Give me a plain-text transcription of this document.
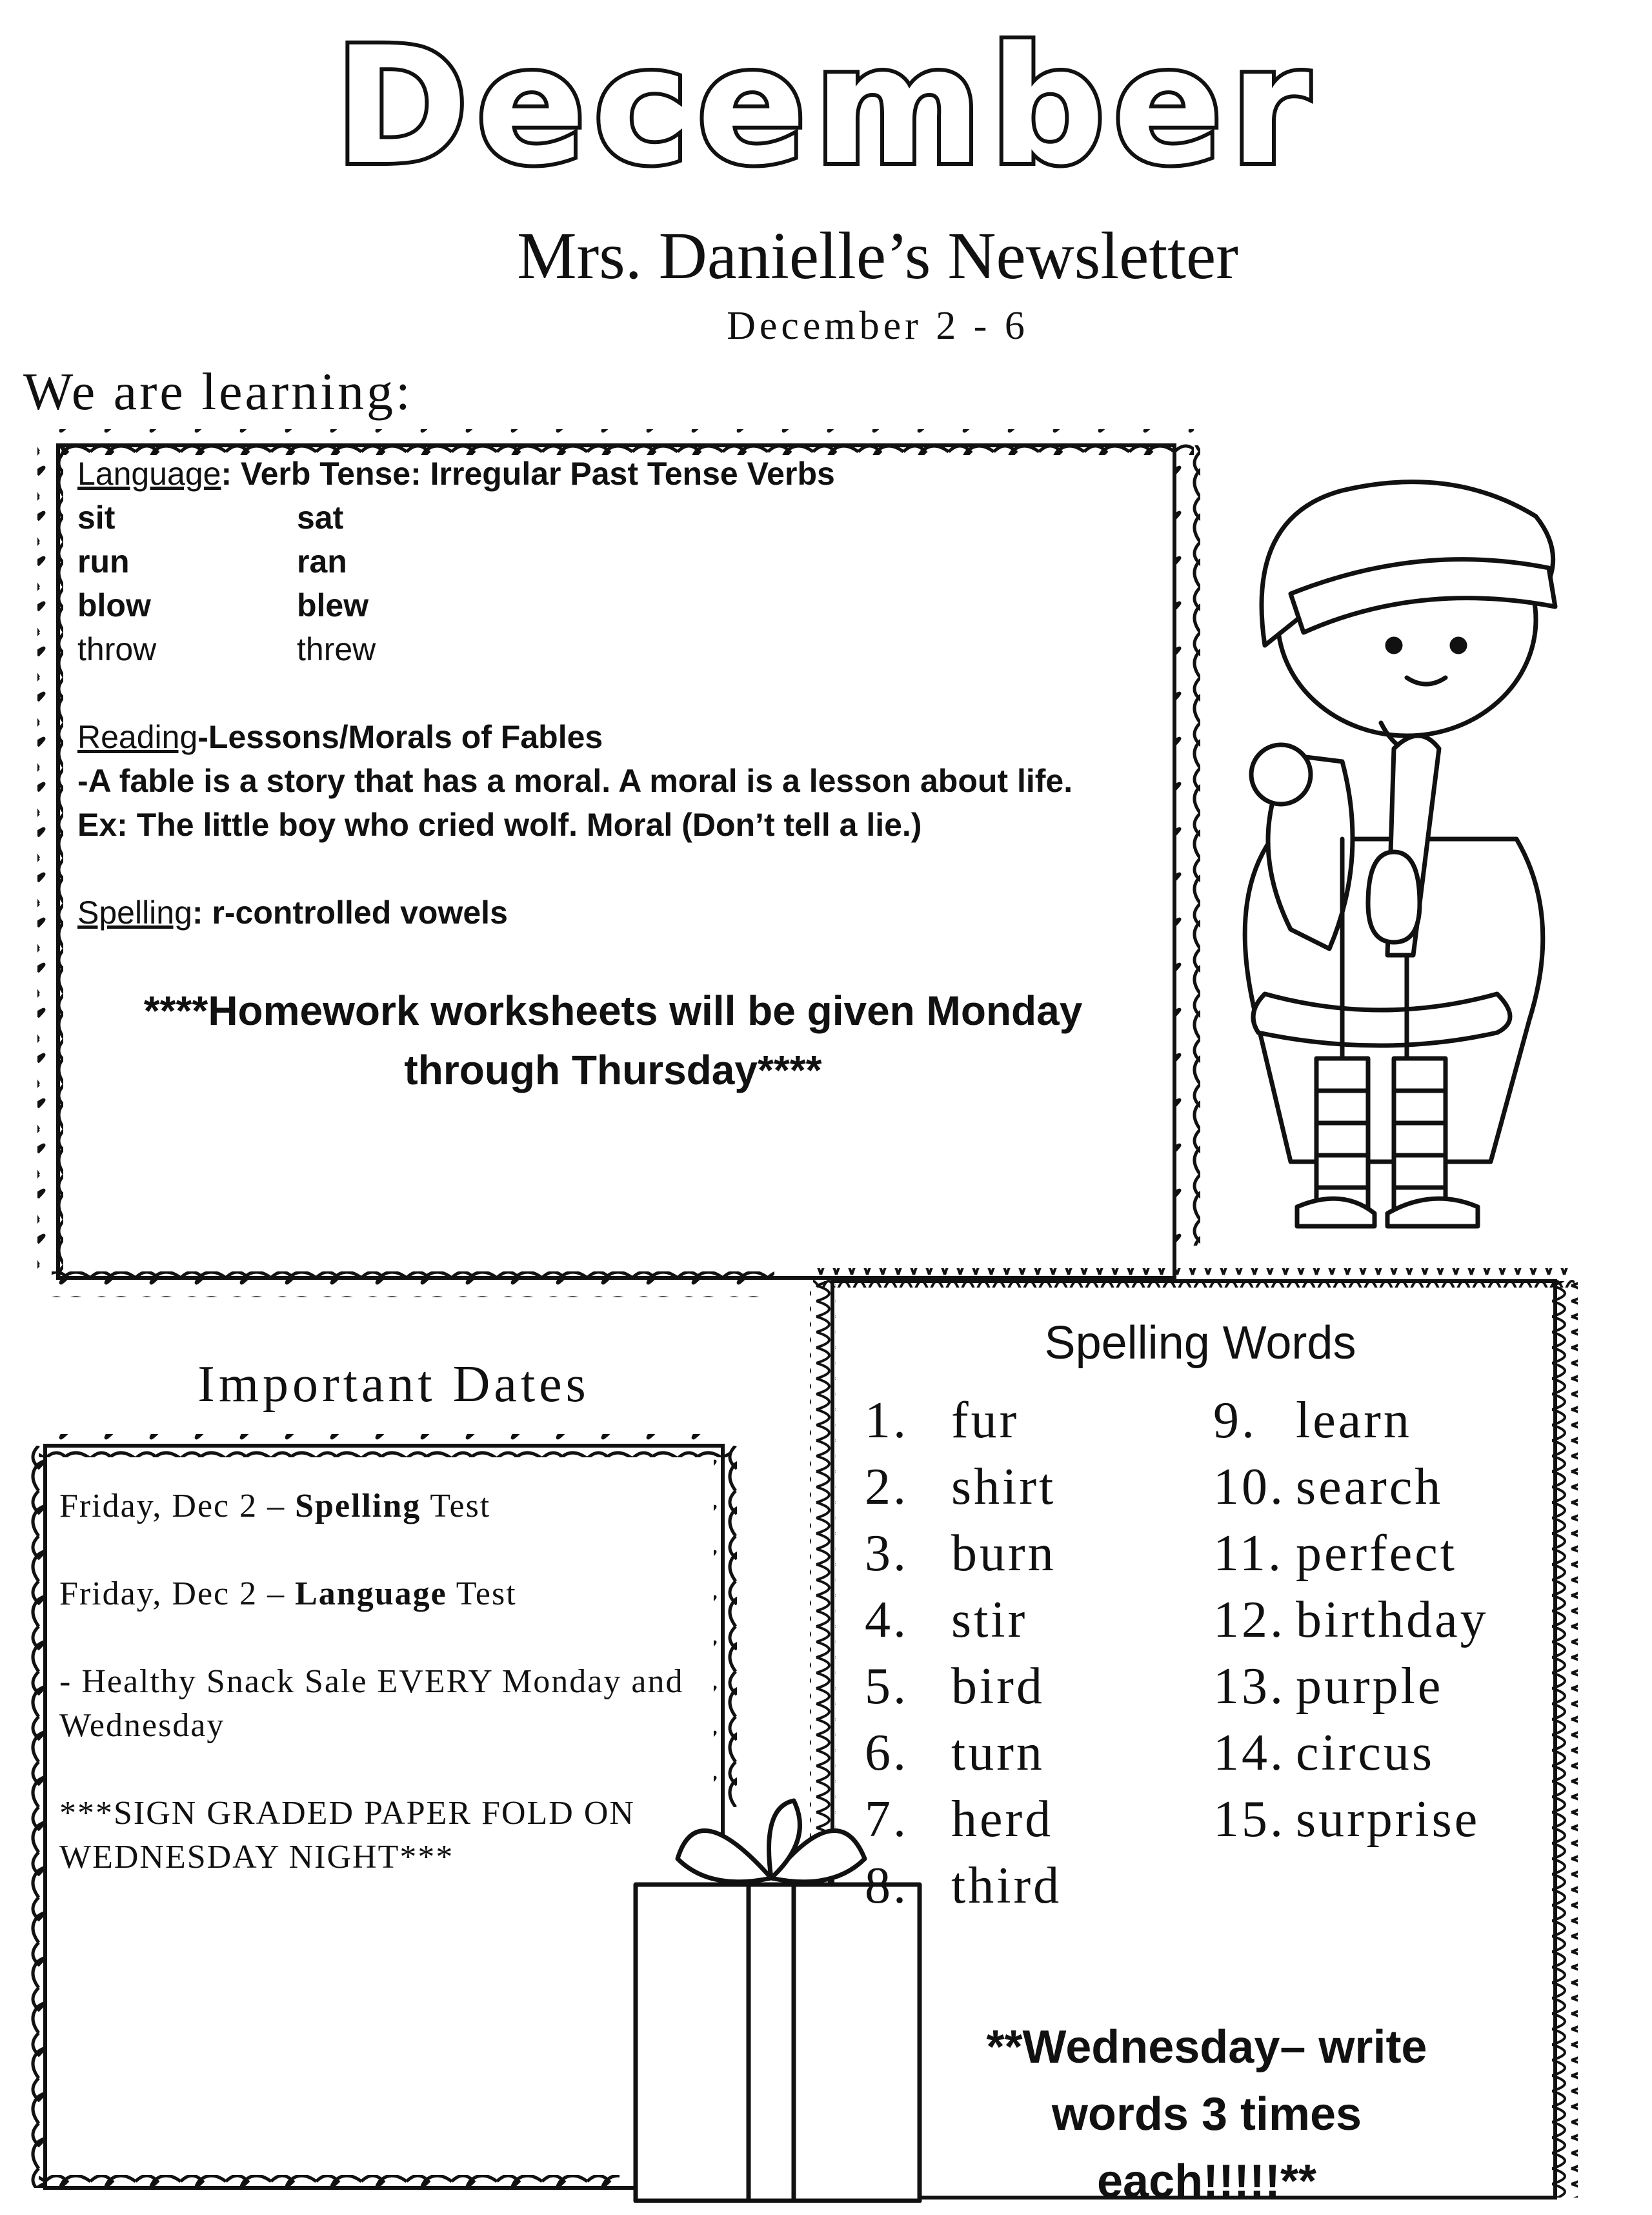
December
Mrs. Danielle’s Newsletter
December 2 - 6
We are learning:
Language: Verb Tense: Irregular Past Tense Verbs
sit	sat
run	ran
blow	blew
throw	threw
Reading-Lessons/Morals of Fables
-A fable is a story that has a moral. A moral is a lesson about life.
Ex: The little boy who cried wolf. Moral (Don’t tell a lie.)
Spelling: r-controlled vowels
****Homework worksheets will be given Monday
through Thursday****
Important Dates
Friday, Dec 2 – Spelling Test
Friday, Dec 2 – Language Test
- Healthy Snack Sale EVERY Monday and Wednesday
***SIGN GRADED PAPER FOLD ON WEDNESDAY NIGHT***
Spelling Words
1. fur
2. shirt
3. burn
4. stir
5. bird
6. turn
7. herd
8. third
9. learn
10. search
11. perfect
12. birthday
13. purple
14. circus
15. surprise
**Wednesday– write
words 3 times
each!!!!!**
